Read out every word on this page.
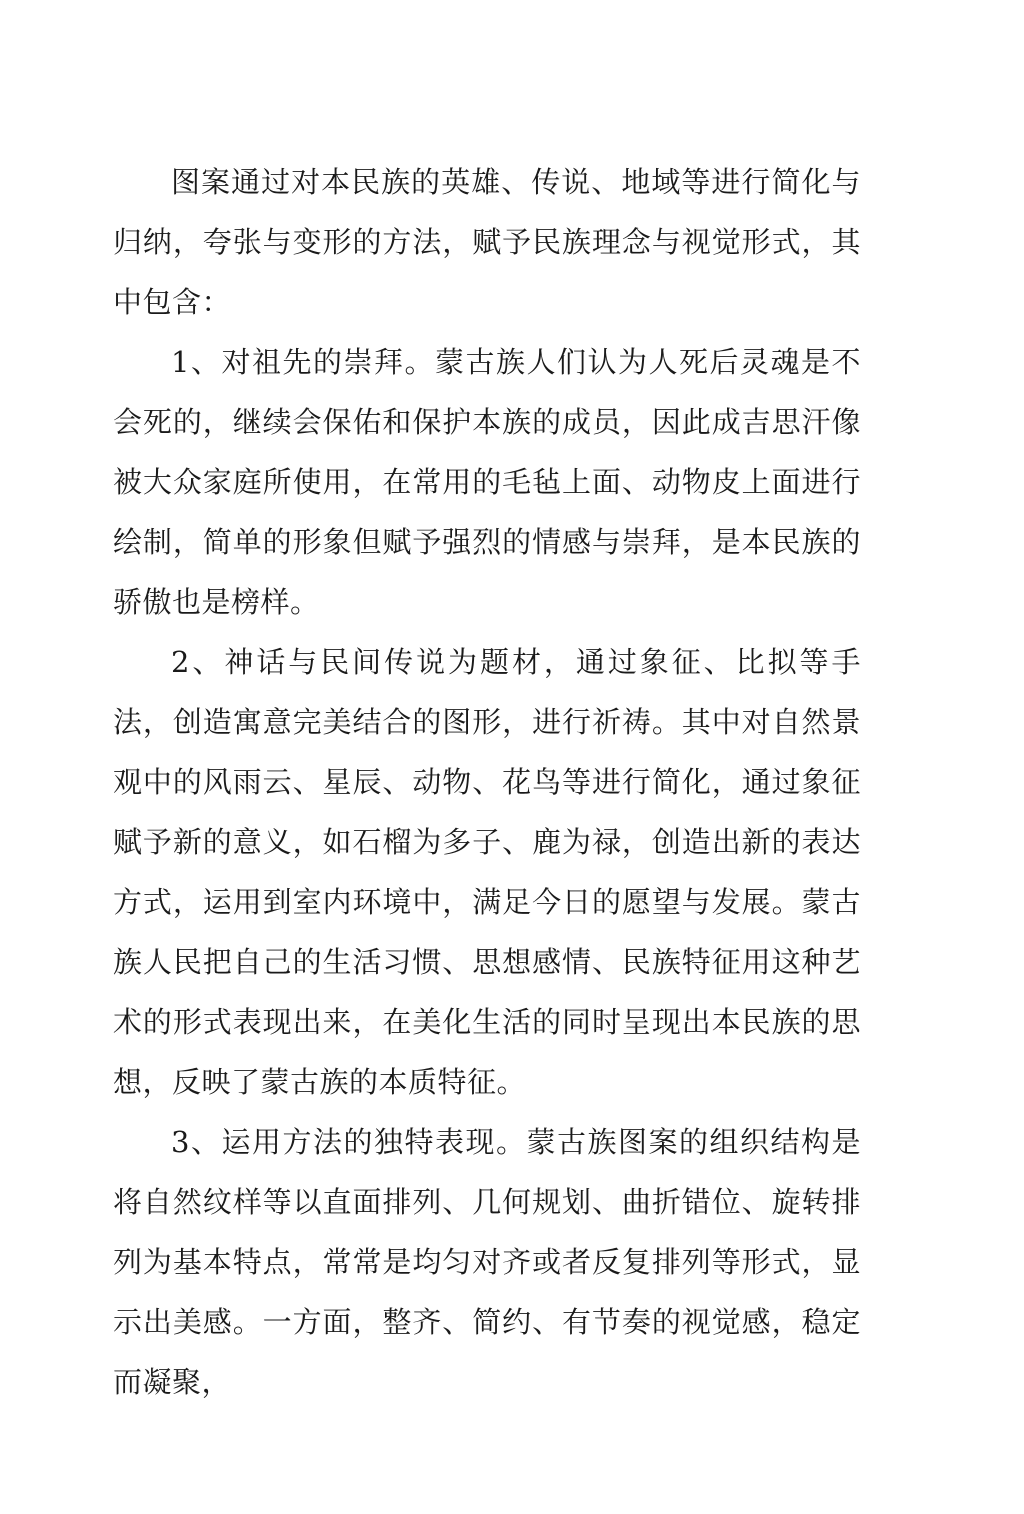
图案通过对本民族的英雄、传说、地域等进行简化与归纳，夸张与变形的方法，赋予民族理念与视觉形式，其中包含：

1、对祖先的崇拜。蒙古族人们认为人死后灵魂是不会死的，继续会保佑和保护本族的成员，因此成吉思汗像被大众家庭所使用，在常用的毛毡上面、动物皮上面进行绘制，简单的形象但赋予强烈的情感与崇拜，是本民族的骄傲也是榜样。

2、神话与民间传说为题材，通过象征、比拟等手法，创造寓意完美结合的图形，进行祈祷。其中对自然景观中的风雨云、星辰、动物、花鸟等进行简化，通过象征赋予新的意义，如石榴为多子、鹿为禄，创造出新的表达方式，运用到室内环境中，满足今日的愿望与发展。蒙古族人民把自己的生活习惯、思想感情、民族特征用这种艺术的形式表现出来，在美化生活的同时呈现出本民族的思想，反映了蒙古族的本质特征。

3、运用方法的独特表现。蒙古族图案的组织结构是将自然纹样等以直面排列、几何规划、曲折错位、旋转排列为基本特点，常常是均匀对齐或者反复排列等形式，显示出美感。一方面，整齐、简约、有节奏的视觉感，稳定而凝聚，
